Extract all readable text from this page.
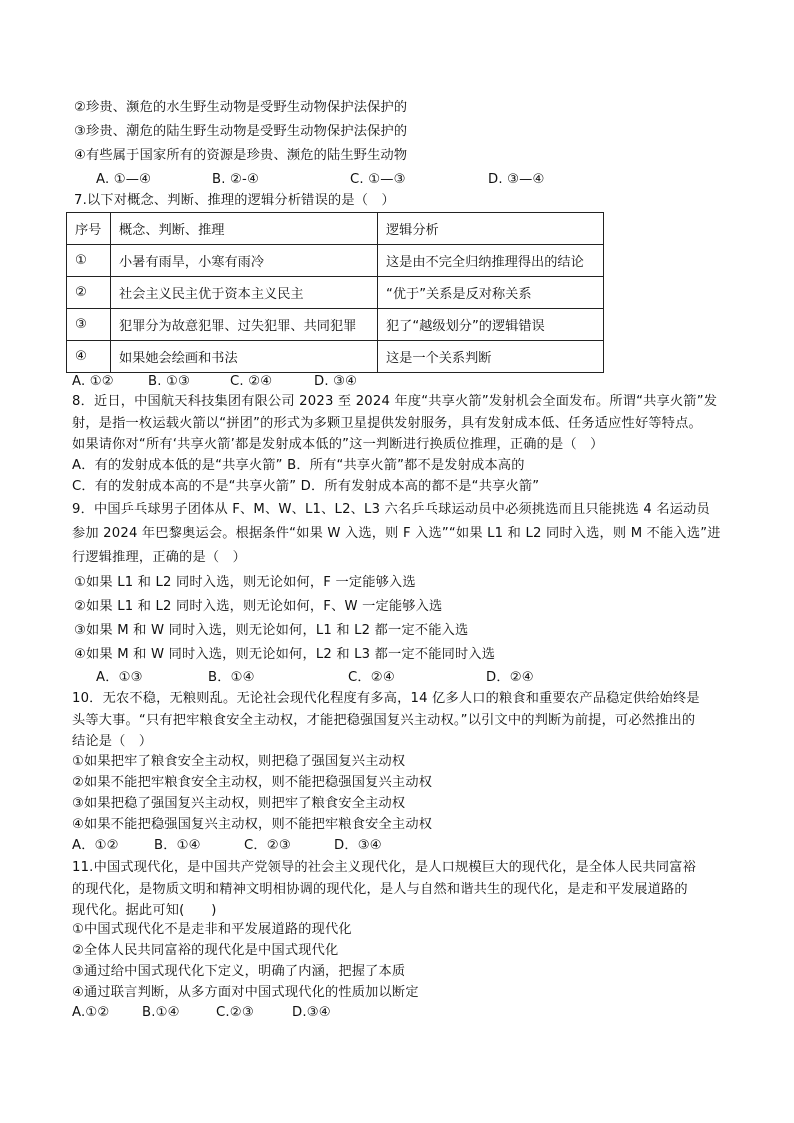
②珍贵、濒危的水生野生动物是受野生动物保护法保护的
③珍贵、潮危的陆生野生动物是受野生动物保护法保护的
④有些属于国家所有的资源是珍贵、濒危的陆生野生动物
A. ①—④	B. ②-④	C. ①—③	D. ③—④
7.以下对概念、判断、推理的逻辑分析错误的是（　）
序号	概念、判断、推理	逻辑分析
①	小暑有雨旱，小寒有雨冷	这是由不完全归纳推理得出的结论
②	社会主义民主优于资本主义民主	“优于”关系是反对称关系
③	犯罪分为故意犯罪、过失犯罪、共同犯罪	犯了“越级划分”的逻辑错误
④	如果她会绘画和书法	这是一个关系判断
A. ①②	B. ①③	C. ②④	D. ③④
8．近日，中国航天科技集团有限公司 2023 至 2024 年度“共享火箭”发射机会全面发布。所谓“共享火箭”发
射，是指一枚运载火箭以“拼团”的形式为多颗卫星提供发射服务，具有发射成本低、任务适应性好等特点。
如果请你对“所有‘共享火箭’都是发射成本低的”这一判断进行换质位推理，正确的是（　）
A．有的发射成本低的是“共享火箭” B．所有“共享火箭”都不是发射成本高的
C．有的发射成本高的不是“共享火箭” D．所有发射成本高的都不是“共享火箭”
9．中国乒乓球男子团体从 F、M、W、L1、L2、L3 六名乒乓球运动员中必须挑选而且只能挑选 4 名运动员
参加 2024 年巴黎奥运会。根据条件“如果 W 入选，则 F 入选”“如果 L1 和 L2 同时入选，则 M 不能入选”进
行逻辑推理，正确的是（　）
①如果 L1 和 L2 同时入选，则无论如何，F 一定能够入选
②如果 L1 和 L2 同时入选，则无论如何，F、W 一定能够入选
③如果 M 和 W 同时入选，则无论如何，L1 和 L2 都一定不能入选
④如果 M 和 W 同时入选，则无论如何，L2 和 L3 都一定不能同时入选
A．①③	B．①④	C．②④	D．②④
10．无农不稳，无粮则乱。无论社会现代化程度有多高，14 亿多人口的粮食和重要农产品稳定供给始终是
头等大事。“只有把牢粮食安全主动权，才能把稳强国复兴主动权。”以引文中的判断为前提，可必然推出的
结论是（　）
①如果把牢了粮食安全主动权，则把稳了强国复兴主动权
②如果不能把牢粮食安全主动权，则不能把稳强国复兴主动权
③如果把稳了强国复兴主动权，则把牢了粮食安全主动权
④如果不能把稳强国复兴主动权，则不能把牢粮食安全主动权
A．①②	B．①④	C．②③	D．③④
11.中国式现代化，是中国共产党领导的社会主义现代化，是人口规模巨大的现代化，是全体人民共同富裕
的现代化，是物质文明和精神文明相协调的现代化，是人与自然和谐共生的现代化，是走和平发展道路的
现代化。据此可知(　　)
①中国式现代化不是走非和平发展道路的现代化
②全体人民共同富裕的现代化是中国式现代化
③通过给中国式现代化下定义，明确了内涵，把握了本质
④通过联言判断，从多方面对中国式现代化的性质加以断定
A.①② B.①④	C.②③	D.③④
